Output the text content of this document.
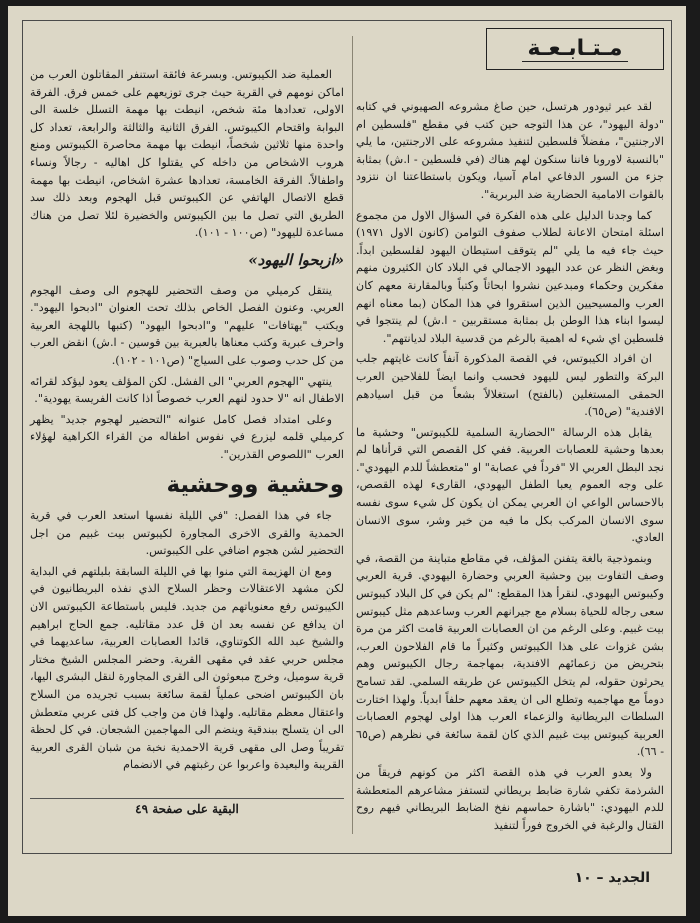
مـتـابـعـة

لقد عبر ثيودور هرتسل، حين صاغ مشروعه الصهيوني في كتابه "دولة اليهود"، عن هذا التوجه حين كتب في مقطع "فلسطين ام الارجنتين"، مفضلاً فلسطين لتنفيذ مشروعه على الارجنتين، ما يلي "بالنسبة لاوروبا فاننا سنكون لهم هناك (في فلسطين - ا.ش) بمثابة جزء من السور الدفاعي امام آسيا، ويكون باستطاعتنا ان نتزود بالقوات الامامية الحضارية ضد البربرية".

كما وجدنا الدليل على هذه الفكرة في السؤال الاول من مجموع اسئلة امتحان الاعانة لطلاب صفوف التوامن (كانون الاول ١٩٧١) حيث جاء فيه ما يلي "لم يتوقف استيطان اليهود لفلسطين ابداً. وبغض النظر عن عدد اليهود الاجمالي في البلاد كان الكثيرون منهم مفكرين وحكماء ومبدعين نشروا ابحاثاً وكتباً وبالمقارنة معهم كان العرب والمسيحيين الذين استقروا في هذا المكان (بما معناه انهم ليسوا ابناء هذا الوطن بل بمثابة مستقربين - ا.ش) لم ينتجوا في فلسطين اي شيء له اهمية بالرغم من قدسية البلاد لديانتهم".

ان افراد الكيبوتس، في القصة المذكورة آنفاً كانت غايتهم جلب البركة والتطور ليس لليهود فحسب وانما ايضاً للفلاحين العرب الحمقى المستغلين (بالفتح) استغلالاً بشعاً من قبل اسيادهم الافندية" (ص٦٥).

يقابل هذه الرسالة "الحضارية السلمية للكيبوتس" وحشية ما بعدها وحشية للعصابات العربية. ففي كل القصص التي قرأناها لم نجد البطل العربي الا "فرداً في عصابة" او "متعطشاً للدم اليهودي". على وجه العموم يعبا الطفل اليهودي، القارىء لهذه القصص، بالاحساس الواعي ان العربي يمكن ان يكون كل شيء سوى نفسه سوى الانسان المركب بكل ما فيه من خير وشر، سوى الانسان العادي.

وبنموذجية بالغة يتفنن المؤلف، في مقاطع متباينة من القصة، في وصف التفاوت بين وحشية العربي وحضارة اليهودي. قرية العربي وكيبوتس اليهودي. لنقرأ هذا المقطع: "لم يكن في كل البلاد كيبوتس سعى رجاله للحياة بسلام مع جيرانهم العرب وساعدهم مثل كيبوتس بيت غبيم. وعلى الرغم من ان العصابات العربية قامت اكثر من مرة بشن غزوات على هذا الكيبوتس وكثيراً ما قام الفلاحون العرب، بتحريض من زعمائهم الافندية، بمهاجمة رجال الكيبوتس وهم يحرثون حقوله، لم يتخل الكيبوتس عن طريقه السلمي. لقد تسامح دوماً مع مهاجميه وتطلع الى ان يعقد معهم حلفاً ابدياً. ولهذا اختارت السلطات البريطانية والزعماء العرب هذا اولى لهجوم العصابات العربية كيبوتس بيت غبيم الذي كان لقمة سائغة في نظرهم (ص٦٥ - ٦٦).

ولا يعدو العرب في هذه القصة اكثر من كونهم فريقاً من الشرذمة تكفي شارة ضابط بريطاني لتستفز مشاعرهم المتعطشة للدم اليهودي: "باشارة حماسهم نفخ الضابط البريطاني فيهم روح القتال والرغبة في الخروج فوراً لتنفيذ

العملية ضد الكيبوتس. وبسرعة فائقة استنفر المقاتلون العرب من اماكن نومهم في القرية حيث جرى توزيعهم على خمس فرق. الفرقة الاولى، تعدادها مئة شخص، انيطت بها مهمة التسلل خلسة الى البوابة واقتحام الكيبوتس. الفرق الثانية والثالثة والرابعة، تعداد كل واحدة منها ثلاثين شخصاً، انيطت بها مهمة محاصرة الكيبوتس ومنع هروب الاشخاص من داخله كي يقتلوا كل اهاليه - رجالاً ونساء واطفالاً. الفرقة الخامسة، تعدادها عشرة اشخاص، انيطت بها مهمة قطع الاتصال الهاتفي عن الكيبوتس قبل الهجوم وبعد ذلك سد الطريق التي تصل ما بين الكيبوتس والخضيرة لئلا تصل من هناك مساعدة لليهود" (ص١٠٠ - ١٠١).

«ازبحوا اليهود»

ينتقل كرميلي من وصف التحضير للهجوم الى وصف الهجوم العربي. وعنون الفصل الخاص بذلك تحت العنوان "ادبحوا اليهود". ويكتب "يهتافات" عليهم" و"ادبحوا اليهود" (كتبها باللهجة العربية واحرف عبرية وكتب معناها بالعبرية بين قوسين - ا.ش) انقض العرب من كل حدب وصوب على السياج" (ص١٠١ - ١٠٢).

ينتهي "الهجوم العربي" الى الفشل. لكن المؤلف يعود ليؤكد لقرائه الاطفال انه "لا حدود لنهم العرب خصوصاً اذا كانت الفريسة يهودية".

وعلى امتداد فصل كامل عنوانه "التحضير لهجوم جديد" يظهر كرميلي قلمه ليزرع في نفوس اطفاله من القراء الكراهية لهؤلاء العرب "اللصوص القذرين".

وحشية ووحشية

جاء في هذا الفصل: "في الليلة نفسها استعد العرب في قرية الحمدية والقرى الاخرى المجاورة لكيبوتس بيت غبيم من اجل التحضير لشن هجوم اضافي على الكيبوتس.

ومع ان الهزيمة التي منوا بها في الليلة السابقة بلبلتهم في البداية لكن مشهد الاعتقالات وحظر السلاح الذي نفذه البريطانيون في الكيبوتس رفع معنوياتهم من جديد. فليس باستطاعة الكيبوتس الان ان يدافع عن نفسه بعد ان قل عدد مقاتليه. جمع الحاج ابراهيم والشيخ عبد الله الكوتناوي، قائدا العصابات العربية، ساعديهما في مجلس حربي عقد في مقهى القرية. وحضر المجلس الشيخ مختار قرية سوميل، وخرج مبعوثون الى القرى المجاورة لنقل البشرى اليها، بان الكيبوتس اضحى عملياً لقمة سائغة بسبب تجريده من السلاح واعتقال معظم مقاتليه. ولهذا فان من واجب كل فتى عربي متعطش الى ان يتسلح ببندقية وينضم الى المهاجمين الشجعان. في كل لحظة تقريباً وصل الى مقهى قرية الاحمدية نخبة من شبان القرى العربية القريبة والبعيدة واعربوا عن رغبتهم في الانضمام

البقية على صفحة ٤٩
الجديد – ١٠
